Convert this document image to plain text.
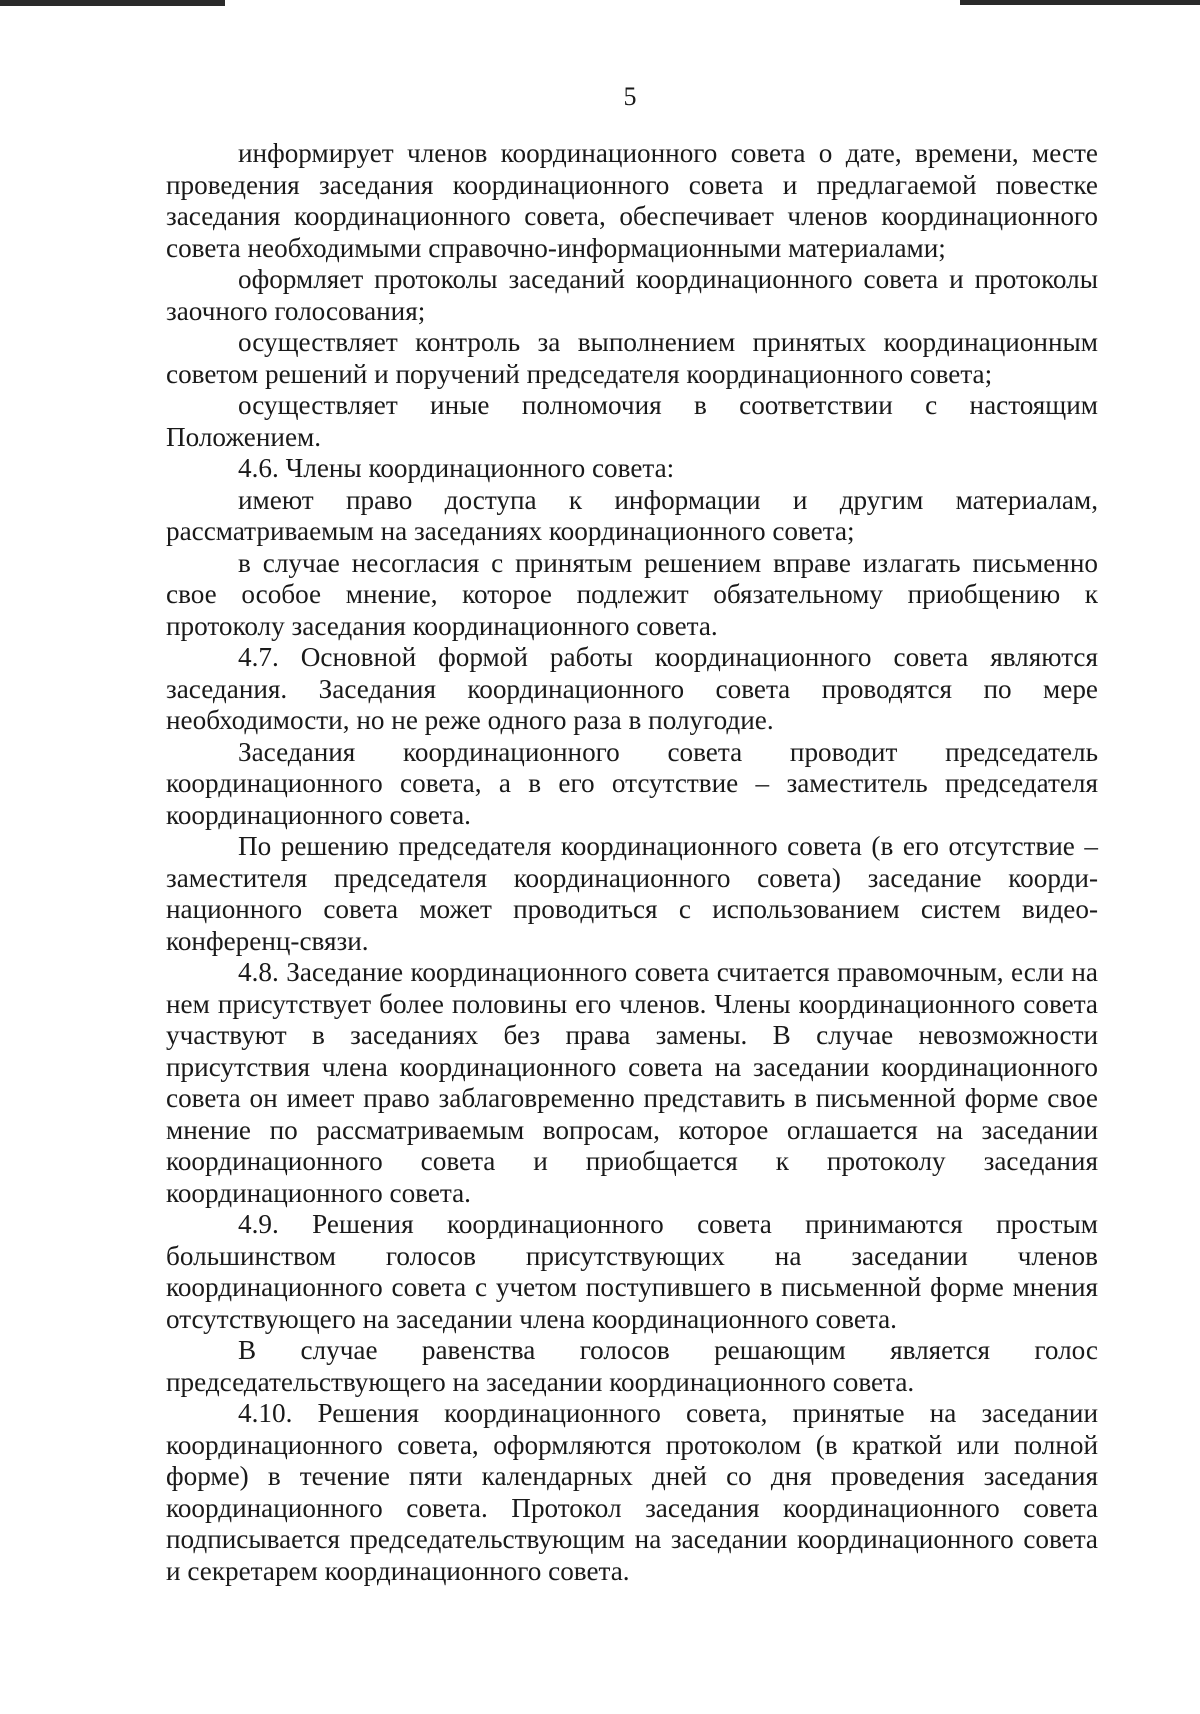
5

информирует членов координационного совета о дате, времени, месте проведения заседания координационного совета и предлагаемой повестке заседания координационного совета, обеспечивает членов координационного совета необходимыми справочно-информационными материалами;

оформляет протоколы заседаний координационного совета и протоколы заочного голосования;

осуществляет контроль за выполнением принятых координационным советом решений и поручений председателя координационного совета;

осуществляет иные полномочия в соответствии с настоящим Положением.

4.6. Члены координационного совета:

имеют право доступа к информации и другим материалам, рассматриваемым на заседаниях координационного совета;

в случае несогласия с принятым решением вправе излагать письменно свое особое мнение, которое подлежит обязательному приобщению к протоколу заседания координационного совета.

4.7. Основной формой работы координационного совета являются заседания. Заседания координационного совета проводятся по мере необходимости, но не реже одного раза в полугодие.

Заседания координационного совета проводит председатель координационного совета, а в его отсутствие – заместитель председателя координационного совета.

По решению председателя координационного совета (в его отсутствие – заместителя председателя координационного совета) заседание координационного совета может проводиться с использованием систем видео-конференц-связи.

4.8. Заседание координационного совета считается правомочным, если на нем присутствует более половины его членов. Члены координационного совета участвуют в заседаниях без права замены. В случае невозможности присутствия члена координационного совета на заседании координационного совета он имеет право заблаговременно представить в письменной форме свое мнение по рассматриваемым вопросам, которое оглашается на заседании координационного совета и приобщается к протоколу заседания координационного совета.

4.9. Решения координационного совета принимаются простым большинством голосов присутствующих на заседании членов координационного совета с учетом поступившего в письменной форме мнения отсутствующего на заседании члена координационного совета.

В случае равенства голосов решающим является голос председательствующего на заседании координационного совета.

4.10. Решения координационного совета, принятые на заседании координационного совета, оформляются протоколом (в краткой или полной форме) в течение пяти календарных дней со дня проведения заседания координационного совета. Протокол заседания координационного совета подписывается председательствующим на заседании координационного совета и секретарем координационного совета.
